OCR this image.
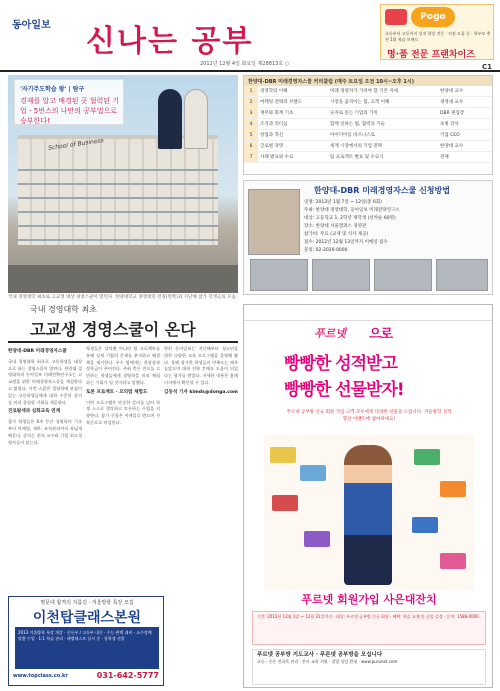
동아일보 신나는 공부
2012년 12월 4일 화요일 제28813호 ○	C1
Pogo
초등부터 고등까지 성적 향상 전문 · 지점 모집 중 · 학부모 추천 1위 학습 브랜드
명·품 전문 프랜차이즈
School of Business
'자기주도학습 왕' | 탐구
경제를 알고 배경된 곳 협력된 기업 - 5번스의 나만의 공부법으로 승부한다!
국내 경영대학 최초로 고교생 대상 경영스쿨이 열린다. 한양대학교 경영대학 전경(왼쪽)과 지난해 참가 학생들의 모습.
한양대-DBR 미래경영자스쿨 커리큘럼 (매주 토요일 오전 10시~오후 1시)
1	경영학의 이해	미래 경영자가 가져야 할 기본 자세	한양대 교수
2	마케팅 전략과 브랜드	시장을 움직이는 힘, 고객 이해	경영대 교수
3	재무와 회계 기초	숫자로 읽는 기업의 가치	DBR 편집장
4	조직과 리더십	함께 일하는 법, 협력의 기술	초빙 강사
5	창업과 혁신	아이디어를 비즈니스로	기업 CEO
6	글로벌 경영	세계 시장에서의 기업 전략	한양대 교수
7	사례 발표와 수료	팀 프로젝트 발표 및 수료식	전체
한양대-DBR 미래경영자스쿨 신청방법
일정: 2013년 1월 7일 ~ 12일(총 6회)
주최: 한양대 경영대학, 동아일보 미래전략연구소
대상: 고등학교 1, 2학년 재학생 (선착순 60명)
장소: 한양대 서울캠퍼스 경영관
참가비: 무료 (교재 및 식사 제공)
접수: 2012년 12월 13일까지 이메일 접수
문의: 02-2020-0000
국내 경영대학 최초
고교생 경영스쿨이 온다
한양대-DBR 미래경영자스쿨
국내 경영대학 최초로 고등학생을 대상으로 하는 경영스쿨이 열린다. 한양대 경영대학과 동아일보 미래전략연구소는 고교생을 위한 미래경영자스쿨을 개설한다고 밝혔다. 이번 스쿨은 경영학에 관심이 있는 고등학생들에게 대학 수준의 강의를 미리 경험할 기회를 제공한다.
진로탐색과 심화교육 연계
참가 학생들은 6주 동안 경영학의 기초부터 마케팅, 재무, 조직관리까지 폭넓게 배운다. 강의는 현직 교수와 기업 최고경영자들이 맡는다.
학생들은 강의뿐 아니라 팀 프로젝트를 통해 실제 기업의 문제를 분석하고 해결책을 제시한다. 우수 팀에게는 총장상과 장학금이 주어진다. 주최 측은 진로를 고민하는 학생들에게 경영학을 미리 체험하는 기회가 될 것이라고 말했다.
토론 프로젝트 · 모의법 체험도
이번 프로그램은 단순한 강의를 넘어 학생 스스로 생각하고 토론하는 수업을 지향한다. 참가 신청은 이메일로 받으며 선착순으로 마감한다.
한편 동아일보는 지난해부터 청소년을 위한 다양한 교육 프로그램을 운영해 왔다. 올해 참가한 학생들의 만족도는 매우 높았으며 대학 진학 후에도 도움이 되었다는 평가를 받았다. 자세한 내용은 홈페이지에서 확인할 수 있다.
김동석 기자 kimds@donga.com
명문대 합격의 지름길 · 겨울방학 특강 모집
이천탑클래스본원
2013 겨울방학 특강 개강 · 중등부 / 고등부 내신 · 수능 완벽 대비 · 소수정예 맞춤 수업 · 1:1 학습 관리 · 레벨테스트 실시 중 · 장학생 선발
www.topclass.co.kr	031-642-5777
푸르넷 으로
빵빵한 성적받고
빵빵한 선물받자!
푸르넷 공부방 신규 회원 가입 고객 모두에게 다양한 선물을 드립니다. 겨울방학 성적 향상 이벤트에 참여하세요!
푸르넷 회원가입 사은대잔치
기간: 2012년 12월 1일 ~ 12월 31일까지 · 대상: 푸르넷 공부방 신규 회원 · 혜택: 학습 교재 및 선물 증정 · 문의: 1588-0000
푸르넷 공부방 지도교사 · 푸른넷 공부방을 모십니다
초등 · 중등 전과목 관리 · 본사 교육 지원 · 창업 상담 환영 · www.purunet.com
